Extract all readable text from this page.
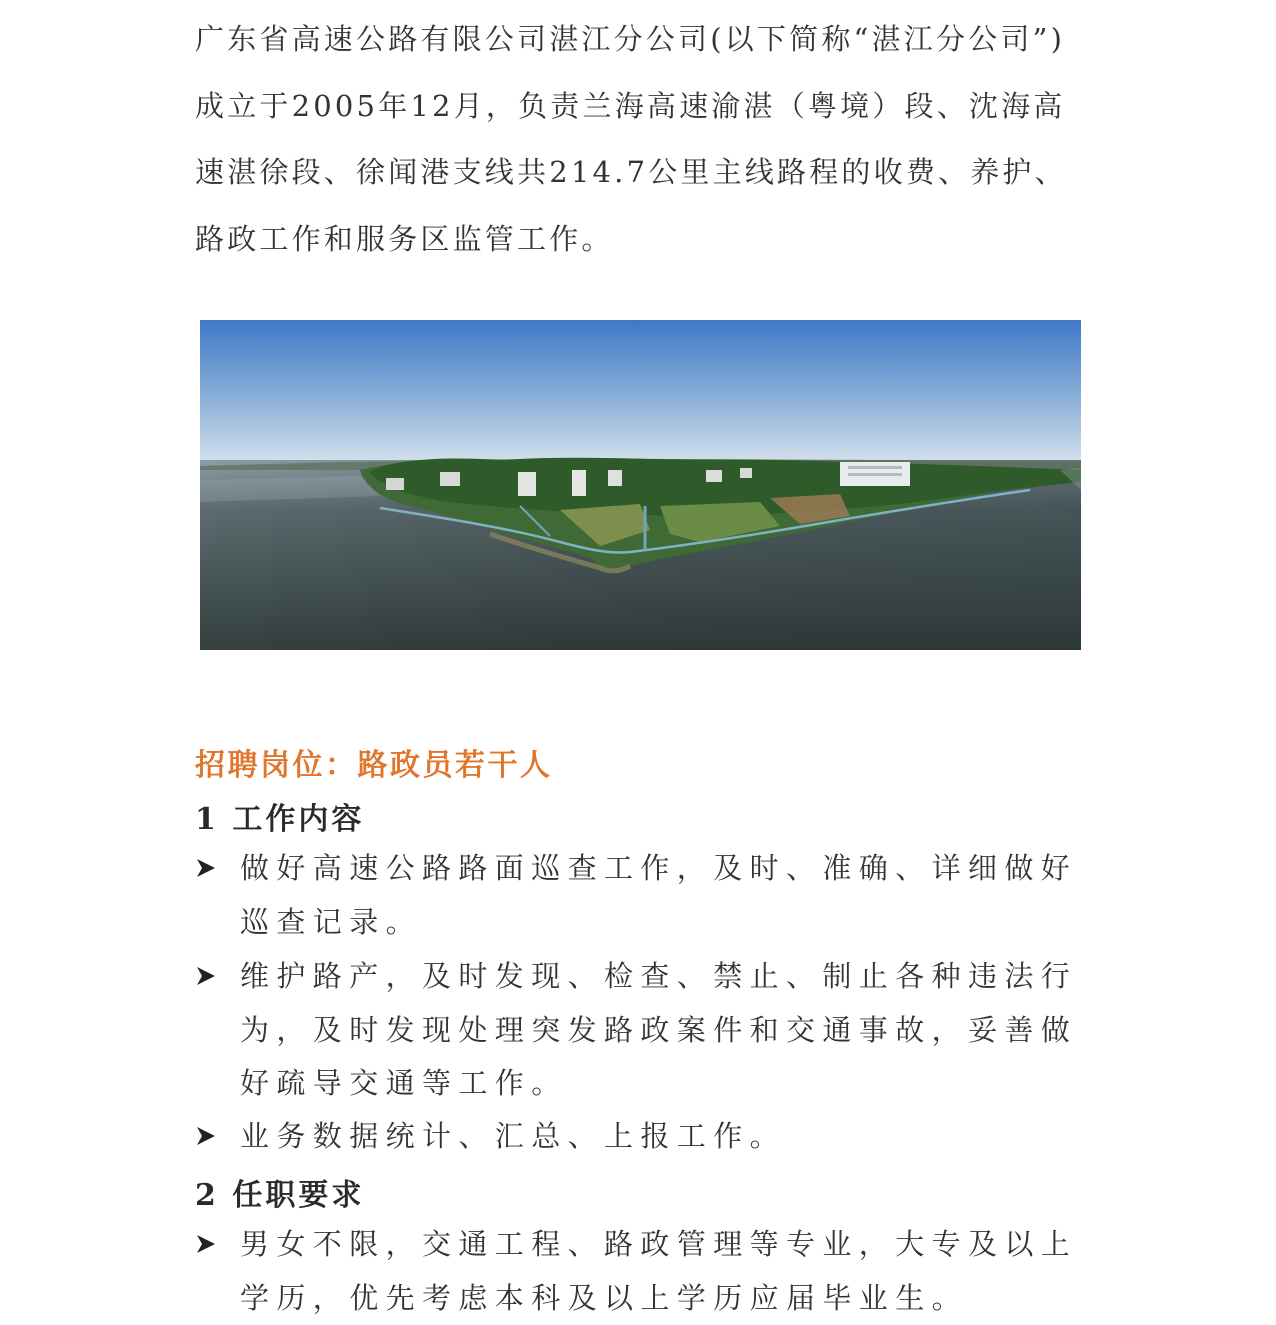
广东省高速公路有限公司湛江分公司(以下简称“湛江分公司”)成立于2005年12月，负责兰海高速渝湛（粤境）段、沈海高速湛徐段、徐闻港支线共214.7公里主线路程的收费、养护、路政工作和服务区监管工作。

招聘岗位：路政员若干人
1 工作内容
做好高速公路路面巡查工作，及时、准确、详细做好巡查记录。
维护路产，及时发现、检查、禁止、制止各种违法行为，及时发现处理突发路政案件和交通事故，妥善做好疏导交通等工作。
业务数据统计、汇总、上报工作。
2 任职要求
男女不限，交通工程、路政管理等专业，大专及以上学历，优先考虑本科及以上学历应届毕业生。
